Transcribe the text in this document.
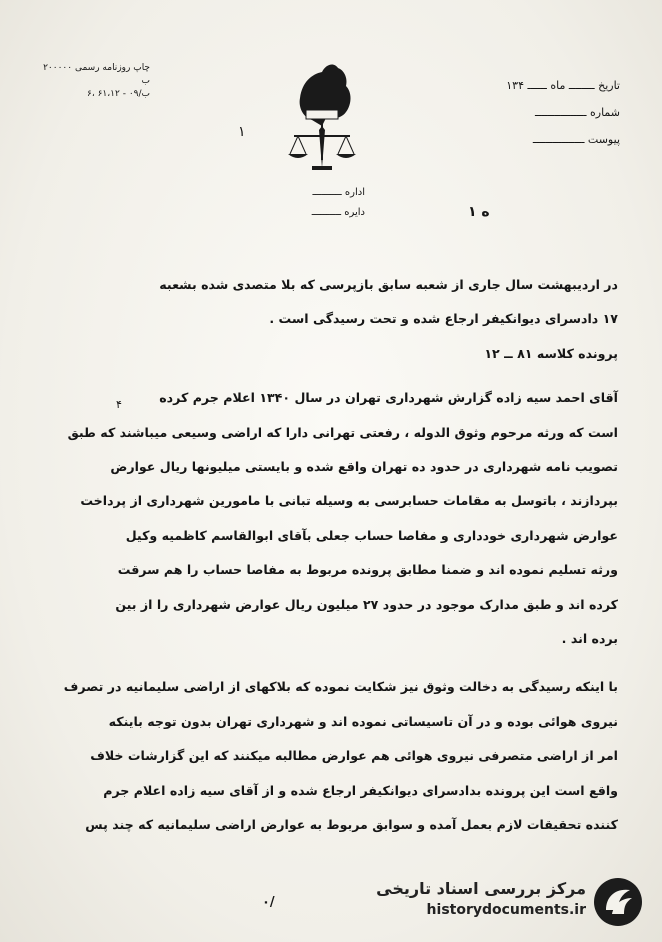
چاپ روزنامه رسمی ۲۰۰۰۰۰ ب
ب/۰۹ - ۶۱،۱۲ ،۶
۱
تاریخ ــــــــ ماه ــــــ ۱۳۴
شماره ــــــــــــــــ
پیوست ــــــــــــــــ
اداره ــــــــــ
دایره ــــــــــ	ه ۱
۴

در اردیبهشت سال جاری از شعبه سابق بازپرسی که بلا متصدی شده بشعبه

۱۷ دادسرای دیوانکیفر ارجاع شده و تحت رسیدگی است .

پرونده کلاسه ۸۱ ــ ۱۲

آقای احمد سیه زاده گزارش شهرداری تهران در سال ۱۳۴۰ اعلام جرم کرده

است که ورثه مرحوم وثوق الدوله ، رفعتی تهرانی دارا که اراضی وسیعی میباشند که طبق

تصویب نامه شهرداری در حدود ده تهران واقع شده و بایستی میلیونها ریال عوارض

بپردازند ، باتوسل به مقامات حسابرسی به وسیله تبانی با مامورین شهرداری از پرداخت

عوارض شهرداری خودداری و مفاصا حساب جعلی بآقای ابوالقاسم کاظمیه وکیل

ورثه تسلیم نموده اند و ضمنا مطابق پرونده مربوط به مفاصا حساب را هم سرقت

کرده اند و طبق مدارک موجود در حدود ۲۷ میلیون ریال عوارض شهرداری را از بین

برده اند .

با اینکه رسیدگی به دخالت وثوق نیز شکایت نموده که بلاکهای از اراضی سلیمانیه در تصرف

نیروی هوائی بوده و در آن تاسیساتی نموده اند و شهرداری تهران بدون توجه باینکه

امر از اراضی متصرفی نیروی هوائی هم عوارض مطالبه میکنند که این گزارشات خلاف

واقع است این پرونده بدادسرای دیوانکیفر ارجاع شده و از آقای سیه زاده اعلام جرم

کننده تحقیقات لازم بعمل آمده و سوابق مربوط به عوارض اراضی سلیمانیه که چند پس

۰/
مرکز بررسی اسناد تاریخی
historydocuments.ir
